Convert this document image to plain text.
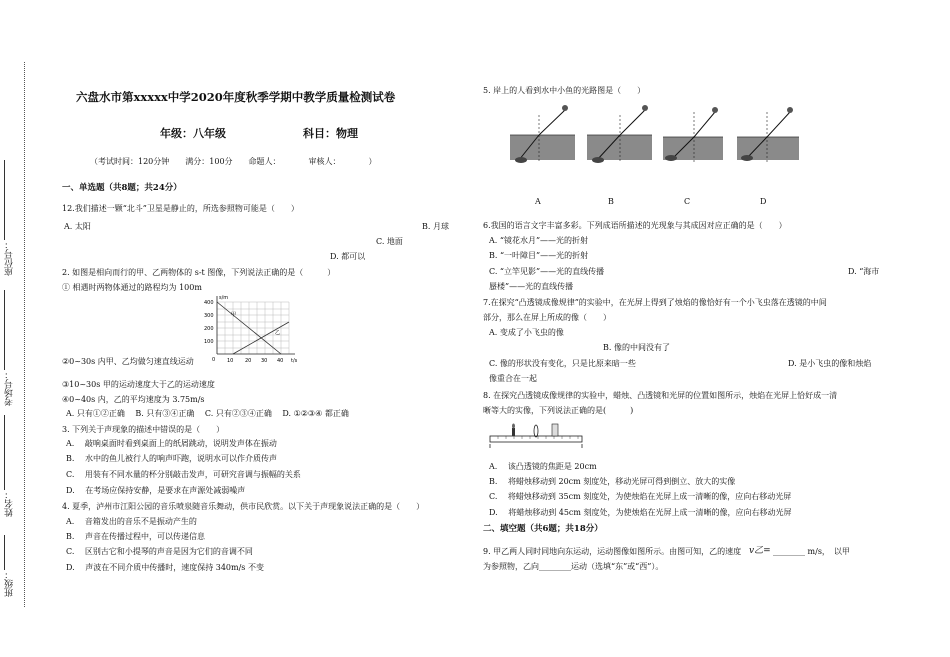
座位号：
考场号：
姓名：
班级：
六盘水市第xxxxx中学2020年度秋季学期中教学质量检测试卷
年级：八年级	科目：物理
（考试时间：120分钟　　满分：100分　　命题人：　　　　审核人：　　　　）
一、单选题（共8题；共24分）
12.我们描述一颗“北斗”卫星是静止的，所选参照物可能是（　　）
A. 太阳	B. 月球
C. 地面
D. 都可以
2. 如图是相向而行的甲、乙两物体的 s-t 图像，下列说法正确的是（　　　）
① 相遇时两物体通过的路程均为 100m
s/m
t/s
400
300
200
100
0 10 20 30 40
甲
乙
②0~30s 内甲、乙均做匀速直线运动
③10~30s 甲的运动速度大于乙的运动速度
④0~40s 内，乙的平均速度为 3.75m/s
A. 只有①②正确　 B. 只有③④正确　 C. 只有②③④正确　 D. ①②③④ 都正确
3. 下列关于声现象的描述中错误的是（　　）
A.　 敲响桌面时看到桌面上的纸屑跳动，说明发声体在振动
B.　 水中的鱼儿被行人的响声吓跑，说明水可以作介质传声
C.　 用装有不同水量的杯分别敲击发声，可研究音调与振幅的关系
D.　 在考场应保持安静，是要求在声源处减弱噪声
4. 夏季，泸州市江阳公园的音乐喷泉随音乐舞动，供市民欣赏。以下关于声现象说法正确的是（　　）
A.　 音箱发出的音乐不是振动产生的
B.　 声音在传播过程中，可以传递信息
C.　 区别古它和小提琴的声音是因为它们的音调不同
D.　 声波在不同介质中传播时，速度保持 340m/s 不变
5. 岸上的人看到水中小鱼的光路图是（　　）
A	B	C	D
6.我国的语言文字丰富多彩。下列成语所描述的光现象与其成因对应正确的是（　　）
A. “镜花水月”——光的折射
B. “一叶障目”——光的折射
C. “立竿见影”——光的直线传播	D. “海市
蜃楼”——光的直线传播
7.在探究“凸透镜成像规律”的实验中，在光屏上得到了烛焰的像恰好有一个小飞虫落在透镜的中间
部分，那么在屏上所成的像（　　）
A. 变成了小飞虫的像
B. 像的中间没有了
C. 像的形状没有变化，只是比原来暗一些	D. 是小飞虫的像和烛焰
像重合在一起
8. 在探究凸透镜成像规律的实验中，蜡烛、凸透镜和光屏的位置如图所示，烛焰在光屏上恰好成一清
晰等大的实像，下列说法正确的是(　　　)
A.　 该凸透镜的焦距是 20cm
B.　 将蜡烛移动到 20cm 刻度处，移动光屏可得到倒立、放大的实像
C.　 将蜡烛移动到 35cm 刻度处，为使烛焰在光屏上成一清晰的像，应向右移动光屏
D.　 将蜡烛移动到 45cm 刻度处，为使烛焰在光屏上成一清晰的像，应向右移动光屏
二、填空题（共6题；共18分）
9. 甲乙两人同时同地向东运动，运动图像如图所示。由图可知，乙的速度 v乙= ________ m/s，　以甲
为参照物，乙向________运动（选填“东”或“西”）。
